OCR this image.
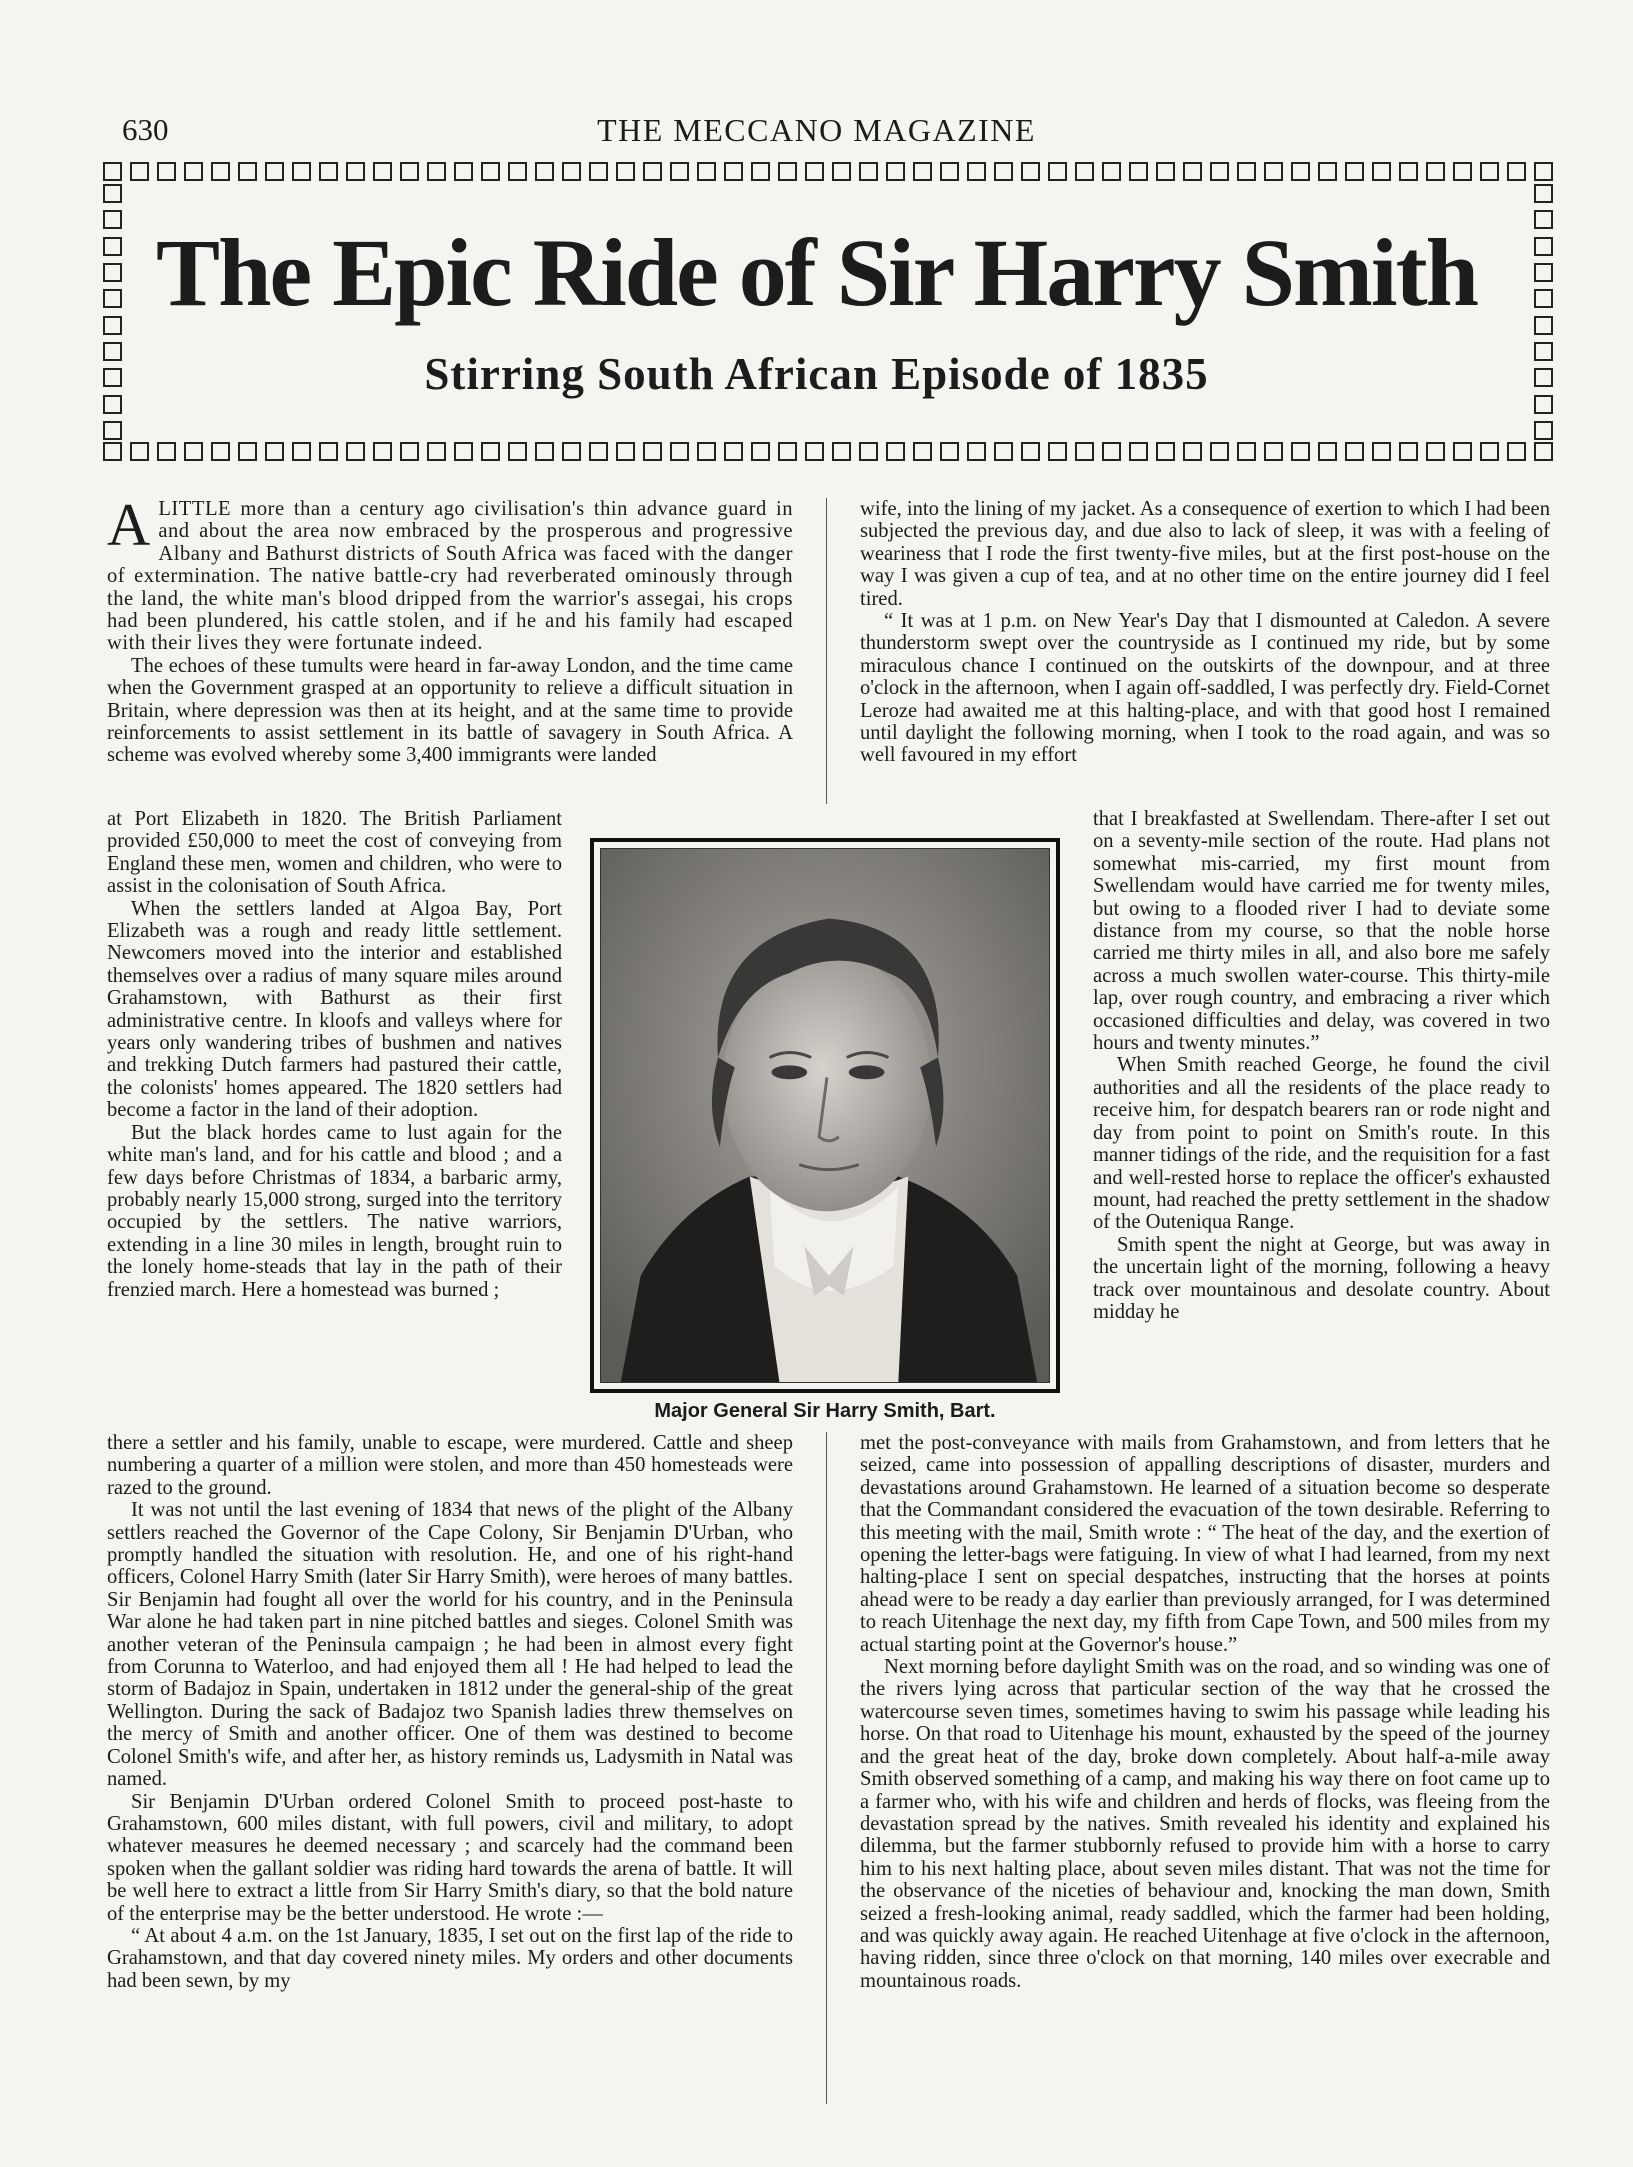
630	THE MECCANO MAGAZINE
The Epic Ride of Sir Harry Smith
Stirring South African Episode of 1835

A LITTLE more than a century ago civilisation's thin advance guard in and about the area now embraced by the prosperous and progressive Albany and Bathurst districts of South Africa was faced with the danger of extermination. The native battle-cry had reverberated ominously through the land, the white man's blood dripped from the warrior's assegai, his crops had been plundered, his cattle stolen, and if he and his family had escaped with their lives they were fortunate indeed.

The echoes of these tumults were heard in far-away London, and the time came when the Government grasped at an opportunity to relieve a difficult situation in Britain, where depression was then at its height, and at the same time to provide reinforcements to assist settlement in its battle of savagery in South Africa. A scheme was evolved whereby some 3,400 immigrants were landed

at Port Elizabeth in 1820. The British Parliament provided £50,000 to meet the cost of conveying from England these men, women and children, who were to assist in the colonisation of South Africa.

When the settlers landed at Algoa Bay, Port Elizabeth was a rough and ready little settlement. Newcomers moved into the interior and established themselves over a radius of many square miles around Grahamstown, with Bathurst as their first administrative centre. In kloofs and valleys where for years only wandering tribes of bushmen and natives and trekking Dutch farmers had pastured their cattle, the colonists' homes appeared. The 1820 settlers had become a factor in the land of their adoption.

But the black hordes came to lust again for the white man's land, and for his cattle and blood ; and a few days before Christmas of 1834, a barbaric army, probably nearly 15,000 strong, surged into the territory occupied by the settlers. The native warriors, extending in a line 30 miles in length, brought ruin to the lonely home-steads that lay in the path of their frenzied march. Here a homestead was burned ;

Major General Sir Harry Smith, Bart.

there a settler and his family, unable to escape, were murdered. Cattle and sheep numbering a quarter of a million were stolen, and more than 450 homesteads were razed to the ground.

It was not until the last evening of 1834 that news of the plight of the Albany settlers reached the Governor of the Cape Colony, Sir Benjamin D'Urban, who promptly handled the situation with resolution. He, and one of his right-hand officers, Colonel Harry Smith (later Sir Harry Smith), were heroes of many battles. Sir Benjamin had fought all over the world for his country, and in the Peninsula War alone he had taken part in nine pitched battles and sieges. Colonel Smith was another veteran of the Peninsula campaign ; he had been in almost every fight from Corunna to Waterloo, and had enjoyed them all ! He had helped to lead the storm of Badajoz in Spain, undertaken in 1812 under the general-ship of the great Wellington. During the sack of Badajoz two Spanish ladies threw themselves on the mercy of Smith and another officer. One of them was destined to become Colonel Smith's wife, and after her, as history reminds us, Ladysmith in Natal was named.

Sir Benjamin D'Urban ordered Colonel Smith to proceed post-haste to Grahamstown, 600 miles distant, with full powers, civil and military, to adopt whatever measures he deemed necessary ; and scarcely had the command been spoken when the gallant soldier was riding hard towards the arena of battle. It will be well here to extract a little from Sir Harry Smith's diary, so that the bold nature of the enterprise may be the better understood. He wrote :—

“ At about 4 a.m. on the 1st January, 1835, I set out on the first lap of the ride to Grahamstown, and that day covered ninety miles. My orders and other documents had been sewn, by my

wife, into the lining of my jacket. As a consequence of exertion to which I had been subjected the previous day, and due also to lack of sleep, it was with a feeling of weariness that I rode the first twenty-five miles, but at the first post-house on the way I was given a cup of tea, and at no other time on the entire journey did I feel tired.

“ It was at 1 p.m. on New Year's Day that I dismounted at Caledon. A severe thunderstorm swept over the countryside as I continued my ride, but by some miraculous chance I continued on the outskirts of the downpour, and at three o'clock in the afternoon, when I again off-saddled, I was perfectly dry. Field-Cornet Leroze had awaited me at this halting-place, and with that good host I remained until daylight the following morning, when I took to the road again, and was so well favoured in my effort

that I breakfasted at Swellendam. There-after I set out on a seventy-mile section of the route. Had plans not somewhat mis-carried, my first mount from Swellendam would have carried me for twenty miles, but owing to a flooded river I had to deviate some distance from my course, so that the noble horse carried me thirty miles in all, and also bore me safely across a much swollen water-course. This thirty-mile lap, over rough country, and embracing a river which occasioned difficulties and delay, was covered in two hours and twenty minutes.”

When Smith reached George, he found the civil authorities and all the residents of the place ready to receive him, for despatch bearers ran or rode night and day from point to point on Smith's route. In this manner tidings of the ride, and the requisition for a fast and well-rested horse to replace the officer's exhausted mount, had reached the pretty settlement in the shadow of the Outeniqua Range.

Smith spent the night at George, but was away in the uncertain light of the morning, following a heavy track over mountainous and desolate country. About midday he

met the post-conveyance with mails from Grahamstown, and from letters that he seized, came into possession of appalling descriptions of disaster, murders and devastations around Grahamstown. He learned of a situation become so desperate that the Commandant considered the evacuation of the town desirable. Referring to this meeting with the mail, Smith wrote : “ The heat of the day, and the exertion of opening the letter-bags were fatiguing. In view of what I had learned, from my next halting-place I sent on special despatches, instructing that the horses at points ahead were to be ready a day earlier than previously arranged, for I was determined to reach Uitenhage the next day, my fifth from Cape Town, and 500 miles from my actual starting point at the Governor's house.”

Next morning before daylight Smith was on the road, and so winding was one of the rivers lying across that particular section of the way that he crossed the watercourse seven times, sometimes having to swim his passage while leading his horse. On that road to Uitenhage his mount, exhausted by the speed of the journey and the great heat of the day, broke down completely. About half-a-mile away Smith observed something of a camp, and making his way there on foot came up to a farmer who, with his wife and children and herds of flocks, was fleeing from the devastation spread by the natives. Smith revealed his identity and explained his dilemma, but the farmer stubbornly refused to provide him with a horse to carry him to his next halting place, about seven miles distant. That was not the time for the observance of the niceties of behaviour and, knocking the man down, Smith seized a fresh-looking animal, ready saddled, which the farmer had been holding, and was quickly away again. He reached Uitenhage at five o'clock in the afternoon, having ridden, since three o'clock on that morning, 140 miles over execrable and mountainous roads.
